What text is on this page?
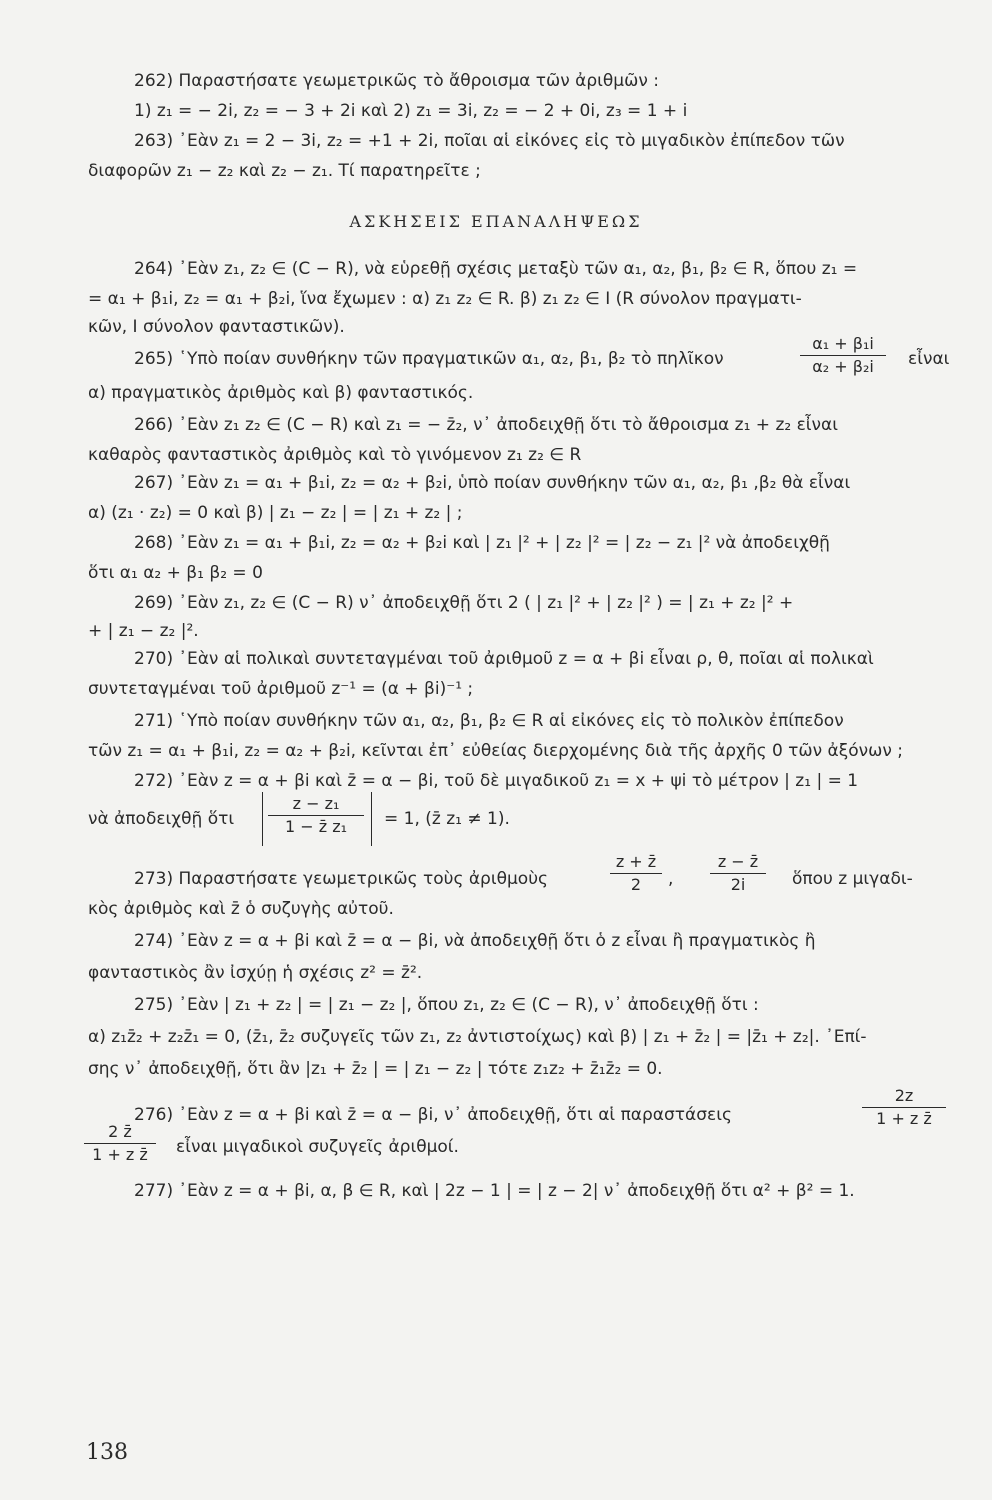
262) Παραστήσατε γεωμετρικῶς τὸ ἄθροισμα τῶν ἀριθμῶν :
1) z₁ = − 2i, z₂ = − 3 + 2i καὶ 2) z₁ = 3i, z₂ = − 2 + 0i, z₃ = 1 + i
263) ᾿Εὰν z₁ = 2 − 3i, z₂ = +1 + 2i, ποῖαι αἱ εἰκόνες εἰς τὸ μιγαδικὸν ἐπίπεδον τῶν
διαφορῶν z₁ − z₂ καὶ z₂ − z₁. Τί παρατηρεῖτε ;
ΑΣΚΗΣΕΙΣ ΕΠΑΝΑΛΗΨΕΩΣ
264) ᾿Εὰν z₁, z₂ ∈ (C − R), νὰ εὑρεθῇ σχέσις μεταξὺ τῶν α₁, α₂, β₁, β₂ ∈ R, ὅπου z₁ =
= α₁ + β₁i, z₂ = α₁ + β₂i, ἵνα ἔχωμεν : α) z₁ z₂ ∈ R. β) z₁ z₂ ∈ I (R σύνολον πραγματι-
κῶν, I σύνολον φανταστικῶν).
265) ῾Υπὸ ποίαν συνθήκην τῶν πραγματικῶν α₁, α₂, β₁, β₂ τὸ πηλῖκον
α₁ + β₁i
α₂ + β₂i	εἶναι
α) πραγματικὸς ἀριθμὸς καὶ β) φανταστικός.
266) ᾿Εὰν z₁ z₂ ∈ (C − R) καὶ z₁ = − z̄₂, ν᾿ ἀποδειχθῇ ὅτι τὸ ἄθροισμα z₁ + z₂ εἶναι
καθαρὸς φανταστικὸς ἀριθμὸς καὶ τὸ γινόμενον z₁ z₂ ∈ R
267) ᾿Εὰν z₁ = α₁ + β₁i, z₂ = α₂ + β₂i, ὑπὸ ποίαν συνθήκην τῶν α₁, α₂, β₁ ,β₂ θὰ εἶναι
α) (z₁ · z₂) = 0 καὶ β) | z₁ − z₂ | = | z₁ + z₂ | ;
268) ᾿Εὰν z₁ = α₁ + β₁i, z₂ = α₂ + β₂i καὶ | z₁ |² + | z₂ |² = | z₂ − z₁ |² νὰ ἀποδειχθῇ
ὅτι α₁ α₂ + β₁ β₂ = 0
269) ᾿Εὰν z₁, z₂ ∈ (C − R) ν᾿ ἀποδειχθῇ ὅτι 2 ( | z₁ |² + | z₂ |² ) = | z₁ + z₂ |² +
+ | z₁ − z₂ |².
270) ᾿Εὰν αἱ πολικαὶ συντεταγμέναι τοῦ ἀριθμοῦ z = α + βi εἶναι ρ, θ, ποῖαι αἱ πολικαὶ
συντεταγμέναι τοῦ ἀριθμοῦ z⁻¹ = (α + βi)⁻¹ ;
271) ῾Υπὸ ποίαν συνθήκην τῶν α₁, α₂, β₁, β₂ ∈ R αἱ εἰκόνες εἰς τὸ πολικὸν ἐπίπεδον
τῶν z₁ = α₁ + β₁i, z₂ = α₂ + β₂i, κεῖνται ἐπ᾿ εὐθείας διερχομένης διὰ τῆς ἀρχῆς 0 τῶν ἀξόνων ;
272) ᾿Εὰν z = α + βi καὶ z̄ = α − βi, τοῦ δὲ μιγαδικοῦ z₁ = x + ψi τὸ μέτρον | z₁ | = 1
νὰ ἀποδειχθῇ ὅτι
z − z₁
1 − z̄ z₁	= 1, (z̄ z₁ ≠ 1).
273) Παραστήσατε γεωμετρικῶς τοὺς ἀριθμοὺς
z + z̄
2	,
z − z̄
2i	ὅπου z μιγαδι-
κὸς ἀριθμὸς καὶ z̄ ὁ συζυγὴς αὐτοῦ.
274) ᾿Εὰν z = α + βi καὶ z̄ = α − βi, νὰ ἀποδειχθῇ ὅτι ὁ z εἶναι ἢ πραγματικὸς ἢ
φανταστικὸς ἂν ἰσχύῃ ἡ σχέσις z² = z̄².
275) ᾿Εὰν | z₁ + z₂ | = | z₁ − z₂ |, ὅπου z₁, z₂ ∈ (C − R), ν᾿ ἀποδειχθῇ ὅτι :
α) z₁z̄₂ + z₂z̄₁ = 0, (z̄₁, z̄₂ συζυγεῖς τῶν z₁, z₂ ἀντιστοίχως) καὶ β) | z₁ + z̄₂ | = |z̄₁ + z₂|. ᾿Επί-
σης ν᾿ ἀποδειχθῇ, ὅτι ἂν |z₁ + z̄₂ | = | z₁ − z₂ | τότε z₁z₂ + z̄₁z̄₂ = 0.
276) ᾿Εὰν z = α + βi καὶ z̄ = α − βi, ν᾿ ἀποδειχθῇ, ὅτι αἱ παραστάσεις
2z
1 + z z̄
2 z̄
1 + z z̄	εἶναι μιγαδικοὶ συζυγεῖς ἀριθμοί.
277) ᾿Εὰν z = α + βi, α, β ∈ R, καὶ | 2z − 1 | = | z − 2| ν᾿ ἀποδειχθῇ ὅτι α² + β² = 1.
138
